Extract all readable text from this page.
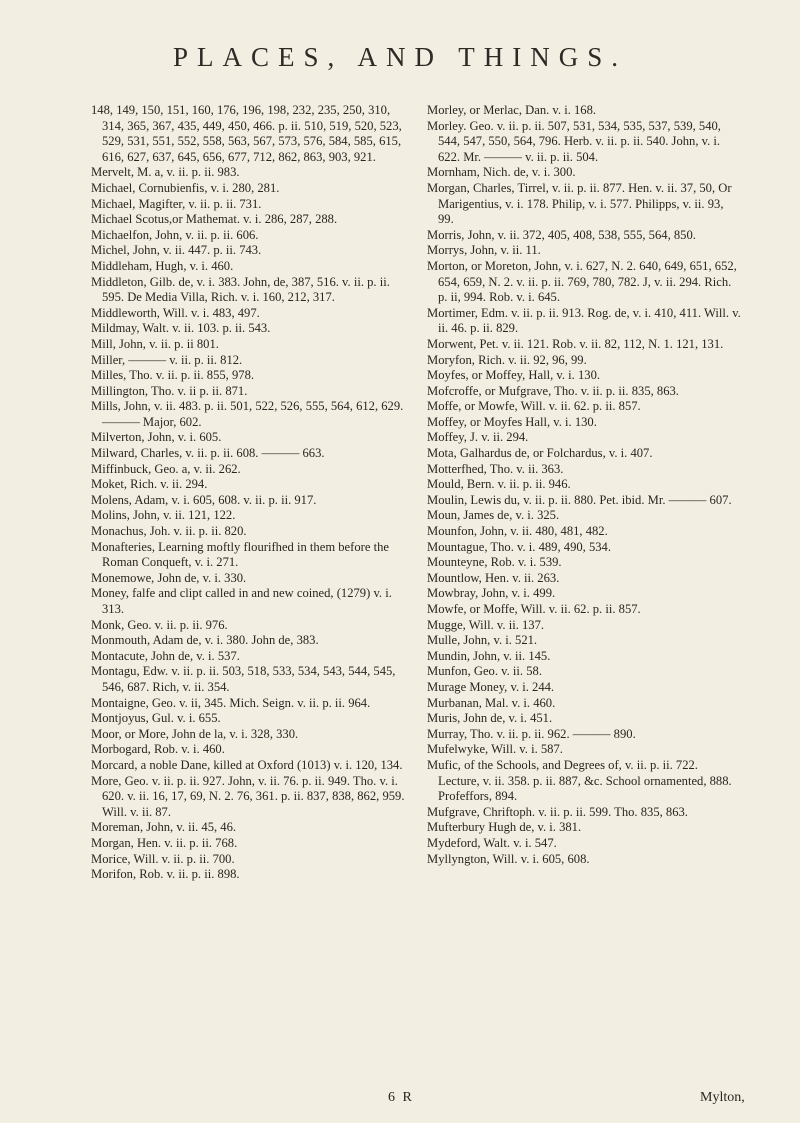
PLACES, AND THINGS.
148, 149, 150, 151, 160, 176, 196, 198, 232, 235, 250, 310, 314, 365, 367, 435, 449, 450, 466. p. ii. 510, 519, 520, 523, 529, 531, 551, 552, 558, 563, 567, 573, 576, 584, 585, 615, 616, 627, 637, 645, 656, 677, 712, 862, 863, 903, 921.
Mervelt, M. a, v. ii. p. ii. 983.
Michael, Cornubienfis, v. i. 280, 281.
Michael, Magifter, v. ii. p. ii. 731.
Michael Scotus,or Mathemat. v. i. 286, 287, 288.
Michaelfon, John, v. ii. p. ii. 606.
Michel, John, v. ii. 447. p. ii. 743.
Middleham, Hugh, v. i. 460.
Middleton, Gilb. de, v. i. 383. John, de, 387, 516. v. ii. p. ii. 595. De Media Villa, Rich. v. i. 160, 212, 317.
Middleworth, Will. v. i. 483, 497.
Mildmay, Walt. v. ii. 103. p. ii. 543.
Mill, John, v. ii. p. ii 801.
Miller, ——— v. ii. p. ii. 812.
Milles, Tho. v. ii. p. ii. 855, 978.
Millington, Tho. v. ii p. ii. 871.
Mills, John, v. ii. 483. p. ii. 501, 522, 526, 555, 564, 612, 629. ——— Major, 602.
Milverton, John, v. i. 605.
Milward, Charles, v. ii. p. ii. 608. ——— 663.
Miffinbuck, Geo. a, v. ii. 262.
Moket, Rich. v. ii. 294.
Molens, Adam, v. i. 605, 608. v. ii. p. ii. 917.
Molins, John, v. ii. 121, 122.
Monachus, Joh. v. ii. p. ii. 820.
Monafteries, Learning moftly flourifhed in them before the Roman Conqueft, v. i. 271.
Monemowe, John de, v. i. 330.
Money, falfe and clipt called in and new coined, (1279) v. i. 313.
Monk, Geo. v. ii. p. ii. 976.
Monmouth, Adam de, v. i. 380. John de, 383.
Montacute, John de, v. i. 537.
Montagu, Edw. v. ii. p. ii. 503, 518, 533, 534, 543, 544, 545, 546, 687. Rich, v. ii. 354.
Montaigne, Geo. v. ii, 345. Mich. Seign. v. ii. p. ii. 964.
Montjoyus, Gul. v. i. 655.
Moor, or More, John de la, v. i. 328, 330.
Morbogard, Rob. v. i. 460.
Morcard, a noble Dane, killed at Oxford (1013) v. i. 120, 134.
More, Geo. v. ii. p. ii. 927. John, v. ii. 76. p. ii. 949. Tho. v. i. 620. v. ii. 16, 17, 69, N. 2. 76, 361. p. ii. 837, 838, 862, 959. Will. v. ii. 87.
Moreman, John, v. ii. 45, 46.
Morgan, Hen. v. ii. p. ii. 768.
Morice, Will. v. ii. p. ii. 700.
Morifon, Rob. v. ii. p. ii. 898.
Morley, or Merlac, Dan. v. i. 168.
Morley. Geo. v. ii. p. ii. 507, 531, 534, 535, 537, 539, 540, 544, 547, 550, 564, 796. Herb. v. ii. p. ii. 540. John, v. i. 622. Mr. ——— v. ii. p. ii. 504.
Mornham, Nich. de, v. i. 300.
Morgan, Charles, Tirrel, v. ii. p. ii. 877. Hen. v. ii. 37, 50, Or Marigentius, v. i. 178. Philip, v. i. 577. Philipps, v. ii. 93, 99.
Morris, John, v. ii. 372, 405, 408, 538, 555, 564, 850.
Morrys, John, v. ii. 11.
Morton, or Moreton, John, v. i. 627, N. 2. 640, 649, 651, 652, 654, 659, N. 2. v. ii. p. ii. 769, 780, 782. J, v. ii. 294. Rich. p. ii, 994. Rob. v. i. 645.
Mortimer, Edm. v. ii. p. ii. 913. Rog. de, v. i. 410, 411. Will. v. ii. 46. p. ii. 829.
Morwent, Pet. v. ii. 121. Rob. v. ii. 82, 112, N. 1. 121, 131.
Moryfon, Rich. v. ii. 92, 96, 99.
Moyfes, or Moffey, Hall, v. i. 130.
Mofcroffe, or Mufgrave, Tho. v. ii. p. ii. 835, 863.
Moffe, or Mowfe, Will. v. ii. 62. p. ii. 857.
Moffey, or Moyfes Hall, v. i. 130.
Moffey, J. v. ii. 294.
Mota, Galhardus de, or Folchardus, v. i. 407.
Motterfhed, Tho. v. ii. 363.
Mould, Bern. v. ii. p. ii. 946.
Moulin, Lewis du, v. ii. p. ii. 880. Pet. ibid. Mr. ——— 607.
Moun, James de, v. i. 325.
Mounfon, John, v. ii. 480, 481, 482.
Mountague, Tho. v. i. 489, 490, 534.
Mounteyne, Rob. v. i. 539.
Mountlow, Hen. v. ii. 263.
Mowbray, John, v. i. 499.
Mowfe, or Moffe, Will. v. ii. 62. p. ii. 857.
Mugge, Will. v. ii. 137.
Mulle, John, v. i. 521.
Mundin, John, v. ii. 145.
Munfon, Geo. v. ii. 58.
Murage Money, v. i. 244.
Murbanan, Mal. v. i. 460.
Muris, John de, v. i. 451.
Murray, Tho. v. ii. p. ii. 962. ——— 890.
Mufelwyke, Will. v. i. 587.
Mufic, of the Schools, and Degrees of, v. ii. p. ii. 722. Lecture, v. ii. 358. p. ii. 887, &c. School ornamented, 888. Profeffors, 894.
Mufgrave, Chriftoph. v. ii. p. ii. 599. Tho. 835, 863.
Mufterbury Hugh de, v. i. 381.
Mydeford, Walt. v. i. 547.
Myllyngton, Will. v. i. 605, 608.
6 R	Mylton,
